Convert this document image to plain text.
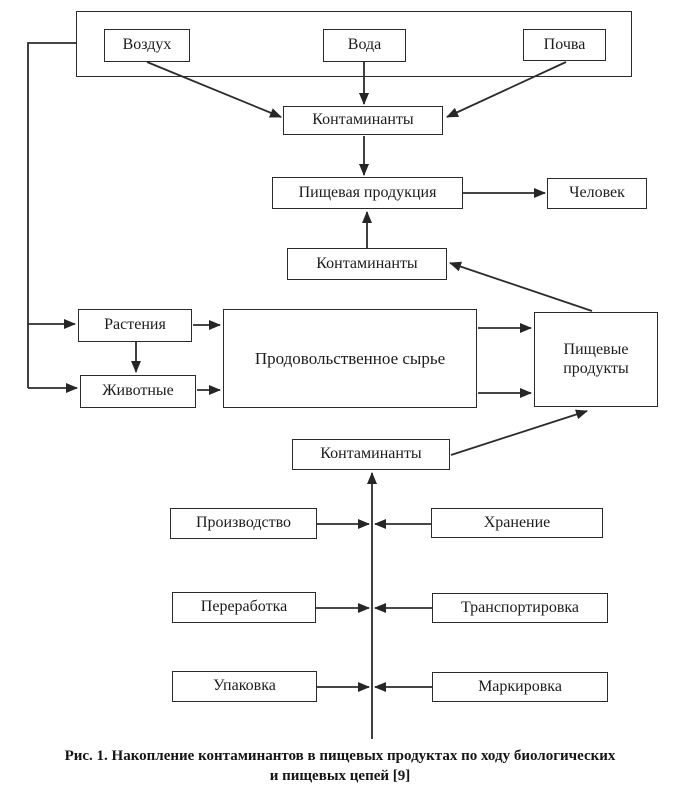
Воздух	Вода	Почва
Контаминанты
Пищевая продукция	Человек
Контаминанты
Растения
Животные
Продовольственное сырье	Пищевые продукты
Контаминанты
Производство	Хранение
Переработка	Транспортировка
Упаковка	Маркировка
Рис. 1. Накопление контаминантов в пищевых продуктах по ходу биологических
и пищевых цепей [9]
